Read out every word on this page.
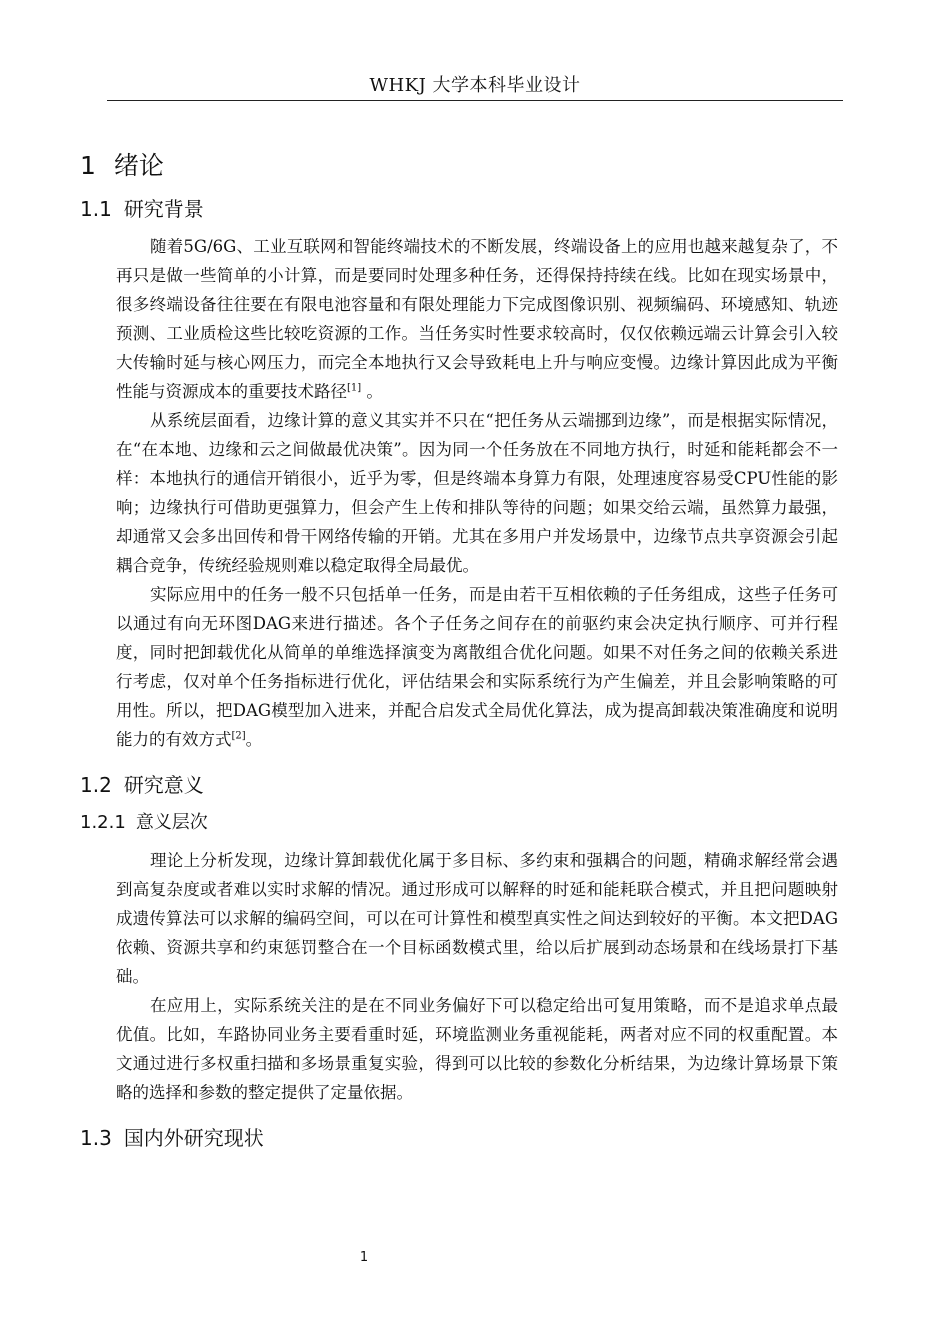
WHKJ 大学本科毕业设计
1 绪论
1.1 研究背景

随着5G/6G、工业互联网和智能终端技术的不断发展，终端设备上的应用也越来越复杂了，不再只是做一些简单的小计算，而是要同时处理多种任务，还得保持持续在线。比如在现实场景中，很多终端设备往往要在有限电池容量和有限处理能力下完成图像识别、视频编码、环境感知、轨迹预测、工业质检这些比较吃资源的工作。当任务实时性要求较高时，仅仅依赖远端云计算会引入较大传输时延与核心网压力，而完全本地执行又会导致耗电上升与响应变慢。边缘计算因此成为平衡性能与资源成本的重要技术路径[1] 。

从系统层面看，边缘计算的意义其实并不只在“把任务从云端挪到边缘”，而是根据实际情况，在“在本地、边缘和云之间做最优决策”。因为同一个任务放在不同地方执行，时延和能耗都会不一样：本地执行的通信开销很小，近乎为零，但是终端本身算力有限，处理速度容易受CPU性能的影响；边缘执行可借助更强算力，但会产生上传和排队等待的问题；如果交给云端，虽然算力最强，却通常又会多出回传和骨干网络传输的开销。尤其在多用户并发场景中，边缘节点共享资源会引起耦合竞争，传统经验规则难以稳定取得全局最优。

实际应用中的任务一般不只包括单一任务，而是由若干互相依赖的子任务组成，这些子任务可以通过有向无环图DAG来进行描述。各个子任务之间存在的前驱约束会决定执行顺序、可并行程度，同时把卸载优化从简单的单维选择演变为离散组合优化问题。如果不对任务之间的依赖关系进行考虑，仅对单个任务指标进行优化，评估结果会和实际系统行为产生偏差，并且会影响策略的可用性。所以，把DAG模型加入进来，并配合启发式全局优化算法，成为提高卸载决策准确度和说明能力的有效方式[2]。

1.2 研究意义
1.2.1 意义层次

理论上分析发现，边缘计算卸载优化属于多目标、多约束和强耦合的问题，精确求解经常会遇到高复杂度或者难以实时求解的情况。通过形成可以解释的时延和能耗联合模式，并且把问题映射成遗传算法可以求解的编码空间，可以在可计算性和模型真实性之间达到较好的平衡。本文把DAG依赖、资源共享和约束惩罚整合在一个目标函数模式里，给以后扩展到动态场景和在线场景打下基础。

在应用上，实际系统关注的是在不同业务偏好下可以稳定给出可复用策略，而不是追求单点最优值。比如，车路协同业务主要看重时延，环境监测业务重视能耗，两者对应不同的权重配置。本文通过进行多权重扫描和多场景重复实验，得到可以比较的参数化分析结果，为边缘计算场景下策略的选择和参数的整定提供了定量依据。

1.3 国内外研究现状
1
